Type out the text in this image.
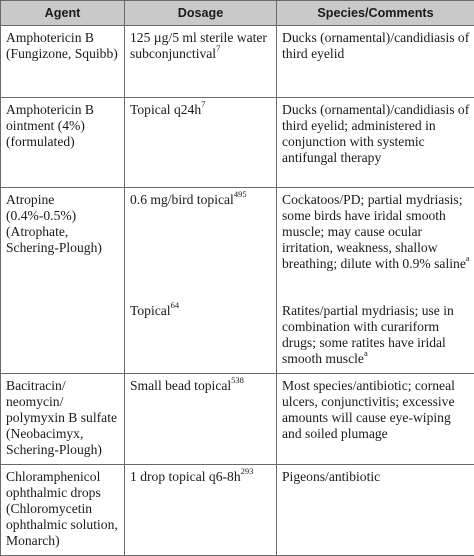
Agent	Dosage	Species/Comments
Amphotericin B (Fungizone, Squibb)	125 µg/5 ml sterile water subconjunctival$^7$	Ducks (ornamental)/candidiasis of third eyelid
Amphotericin B ointment (4%) (formulated)	Topical $q24h^7$	Ducks (ornamental)/candidiasis of third eyelid; administered in conjunction with systemic antifungal therapy
Atropine (0.4%-0.5%) (Atrophate, Schering-Plough)	0.6 mg/bird topical$^{495}$	Cockatoos/PD; partial mydriasis; some birds have iridal smooth muscle; may cause ocular irritation, weakness, shallow breathing; dilute with 0.9% saline$^a$
	Topical$^{64}$	Ratites/partial mydriasis; use in combination with curariform drugs; some ratites have iridal smooth muscle$^a$
Bacitracin/ neomycin/ polymyxin B sulfate (Neobacimyx, Schering-Plough)	Small bead topical$^{538}$	Most species/antibiotic; corneal ulcers, conjunctivitis; excessive amounts will cause eye-wiping and soiled plumage
Chloramphenicol ophthalmic drops (Chloromycetin ophthalmic solution, Monarch)	1 drop topical $q6-8h^{293}$	Pigeons/antibiotic
